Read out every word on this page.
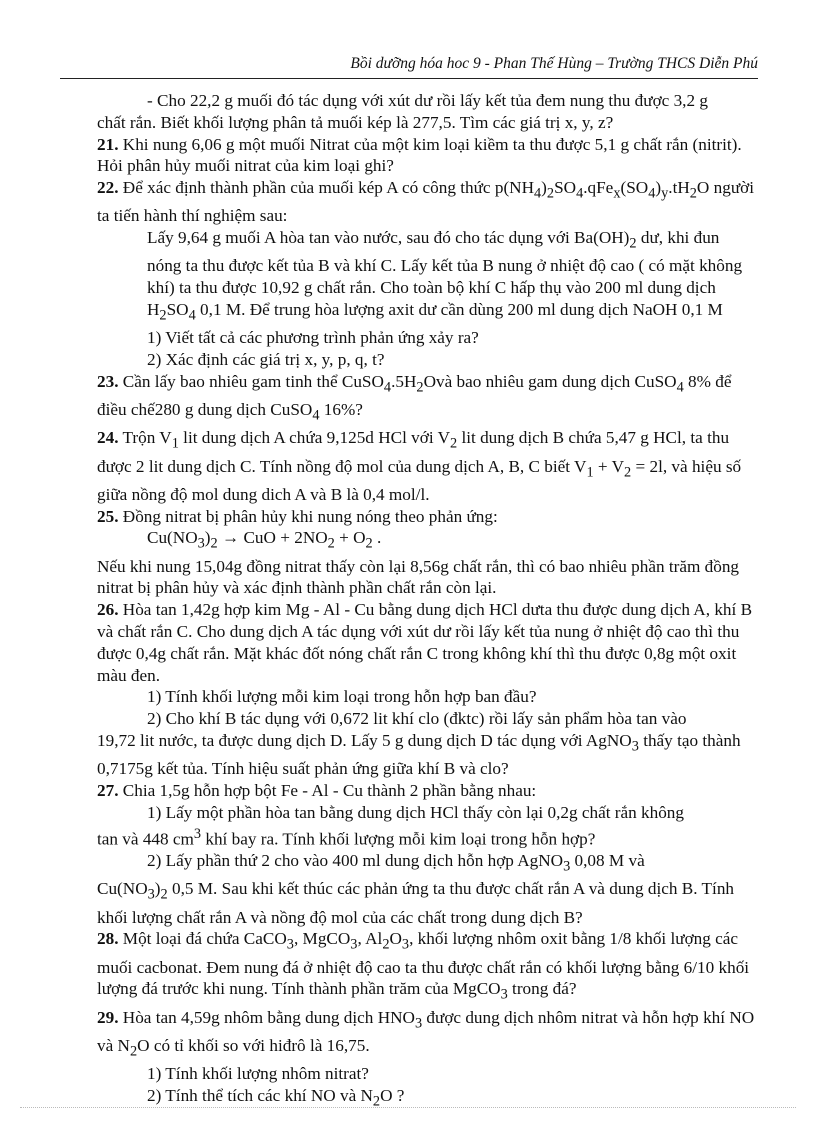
Bồi dưỡng hóa hoc 9 - Phan Thế Hùng – Trường THCS Diễn Phú

- Cho 22,2 g muối đó tác dụng với xút dư rồi lấy kết tủa đem nung thu được 3,2 g

chất rắn. Biết khối lượng phân tả muối kép là 277,5. Tìm các giá trị x, y, z?

21. Khi nung 6,06 g một muối Nitrat của một kim loại kiềm ta thu được 5,1 g chất rắn (nitrit). Hỏi phân hủy muối nitrat của kim loại ghi?

22. Để xác định thành phần của muối kép A có công thức $p(NH_4)_2SO_4.qFe_x(SO_4)_y.tH_2O$ người ta tiến hành thí nghiệm sau:

Lấy 9,64 g muối A hòa tan vào nước, sau đó cho tác dụng với $Ba(OH)_2$ dư, khi đun nóng ta thu được kết tủa B và khí C. Lấy kết tủa B nung ở nhiệt độ cao ( có mặt không khí) ta thu được 10,92 g chất rắn. Cho toàn bộ khí C hấp thụ vào 200 ml dung dịch $H_2SO_4$ 0,1 M. Để trung hòa lượng axit dư cần dùng 200 ml dung dịch NaOH 0,1 M

1) Viết tất cả các phương trình phản ứng xảy ra?

2) Xác định các giá trị x, y, p, q, t?

23. Cần lấy bao nhiêu gam tinh thể $CuSO_4.5H_2Ovà$ bao nhiêu gam dung dịch CuSO$_4$ 8% để điều chế280 g dung dịch CuSO$_4$ 16%?

24. Trộn $V_1$ lit dung dịch A chứa 9,125d HCl với $V_2$ lit dung dịch B chứa 5,47 g HCl, ta thu được 2 lit dung dịch C. Tính nồng độ mol của dung dịch A, B, C biết $V_1 + V_2 = 2l$, và hiệu số giữa nồng độ mol dung dich A và B là 0,4 mol/l.

25. Đồng nitrat bị phân hủy khi nung nóng theo phản ứng:

$Cu(NO_3)_2$ → CuO + $2NO_2 + O_2$ .

Nếu khi nung 15,04g đồng nitrat thấy còn lại 8,56g chất rắn, thì có bao nhiêu phần trăm đồng nitrat bị phân hủy và xác định thành phần chất rắn còn lại.

26. Hòa tan 1,42g hợp kim Mg - Al - Cu bằng dung dịch HCl dưta thu được dung dịch A, khí B và chất rắn C. Cho dung dịch A tác dụng với xút dư rồi lấy kết tủa nung ở nhiệt độ cao thì thu được 0,4g chất rắn. Mặt khác đốt nóng chất rắn C trong không khí thì thu được 0,8g một oxit màu đen.

1) Tính khối lượng mỗi kim loại trong hỗn hợp ban đầu?

2) Cho khí B tác dụng với 0,672 lit khí clo (đktc) rồi lấy sản phẩm hòa tan vào

19,72 lit nước, ta được dung dịch D. Lấy 5 g dung dịch D tác dụng với AgNO$_3$ thấy tạo thành 0,7175g kết tủa. Tính hiệu suất phản ứng giữa khí B và clo?

27. Chia 1,5g hỗn hợp bột Fe - Al - Cu thành 2 phần bằng nhau:

1) Lấy một phần hòa tan bằng dung dịch HCl thấy còn lại 0,2g chất rắn không

tan và 448 $cm^3$ khí bay ra. Tính khối lượng mỗi kim loại trong hỗn hợp?

2) Lấy phần thứ 2 cho vào 400 ml dung dịch hỗn hợp AgNO$_3$ 0,08 M và

$Cu(NO_3)_2$ 0,5 M. Sau khi kết thúc các phản ứng ta thu được chất rắn A và dung dịch B. Tính khối lượng chất rắn A và nồng độ mol của các chất trong dung dịch B?

28. Một loại đá chứa CaCO$_3$, MgCO$_3$, $Al_2O_3$, khối lượng nhôm oxit bằng 1/8 khối lượng các muối cacbonat. Đem nung đá ở nhiệt độ cao ta thu được chất rắn có khối lượng bằng 6/10 khối lượng đá trước khi nung. Tính thành phần trăm của MgCO$_3$ trong đá?

29. Hòa tan 4,59g nhôm bằng dung dịch $HNO_3$ được dung dịch nhôm nitrat và hỗn hợp khí NO và $N_2O$ có tỉ khối so với hiđrô là 16,75.

1) Tính khối lượng nhôm nitrat?

2) Tính thể tích các khí NO và $N_2O$ ?
